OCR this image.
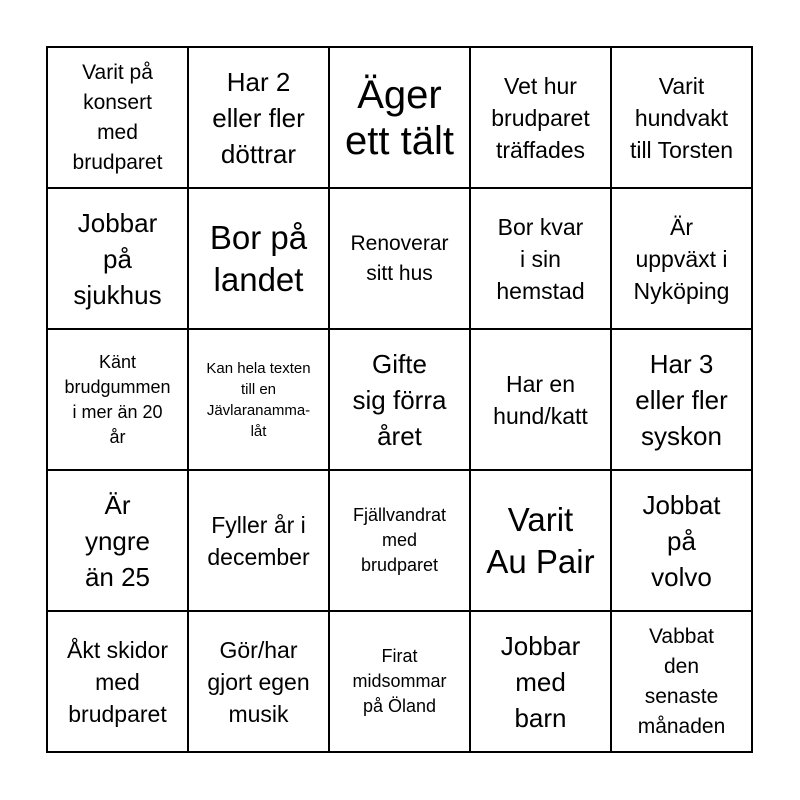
Varit på
konsert
med
brudparet
Har 2
eller fler
döttrar
Äger
ett tält
Vet hur
brudparet
träffades
Varit
hundvakt
till Torsten
Jobbar
på
sjukhus
Bor på
landet
Renoverar
sitt hus
Bor kvar
i sin
hemstad
Är
uppväxt i
Nyköping
Känt
brudgummen
i mer än 20
år
Kan hela texten
till en
Jävlaranamma-
låt
Gifte
sig förra
året
Har en
hund/katt
Har 3
eller fler
syskon
Är
yngre
än 25
Fyller år i
december
Fjällvandrat
med
brudparet
Varit
Au Pair
Jobbat
på
volvo
Åkt skidor
med
brudparet
Gör/har
gjort egen
musik
Firat
midsommar
på Öland
Jobbar
med
barn
Vabbat
den
senaste
månaden
